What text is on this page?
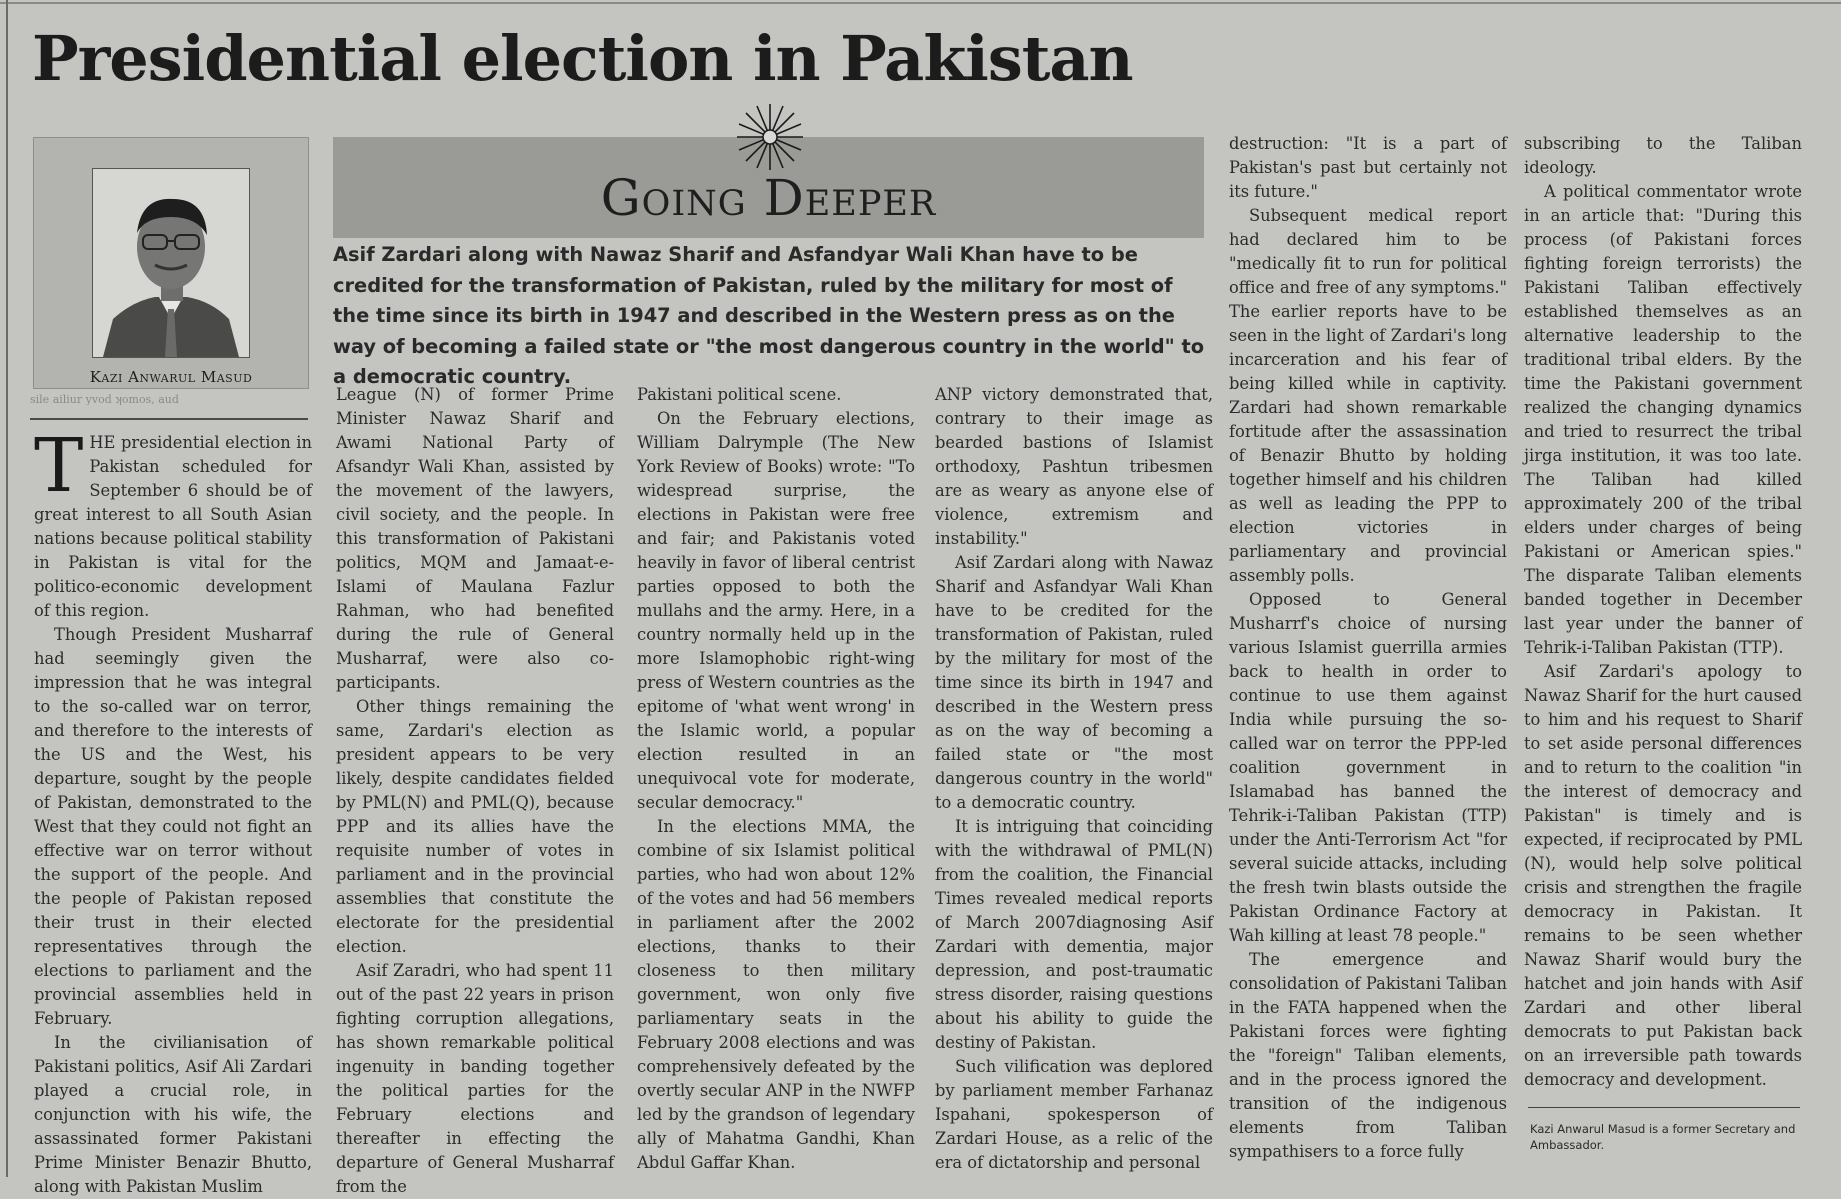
Presidential election in Pakistan
Kazi Anwarul Masud
sile ailiur yvod ʞomos, aud
Going Deeper
Asif Zardari along with Nawaz Sharif and Asfandyar Wali Khan have to be credited for the transformation of Pakistan, ruled by the military for most of the time since its birth in 1947 and described in the Western press as on the way of becoming a failed state or "the most dangerous country in the world" to a democratic country.

THE presidential election in Pakistan scheduled for September 6 should be of great interest to all South Asian nations because political stability in Pakistan is vital for the politico-economic development of this region.

Though President Musharraf had seemingly given the impression that he was integral to the so-called war on terror, and therefore to the interests of the US and the West, his departure, sought by the people of Pakistan, demonstrated to the West that they could not fight an effective war on terror without the support of the people. And the people of Pakistan reposed their trust in their elected representatives through the elections to parliament and the provincial assemblies held in February.

In the civilianisation of Pakistani politics, Asif Ali Zardari played a crucial role, in conjunction with his wife, the assassinated former Pakistani Prime Minister Benazir Bhutto, along with Pakistan Muslim

League (N) of former Prime Minister Nawaz Sharif and Awami National Party of Afsandyr Wali Khan, assisted by the movement of the lawyers, civil society, and the people. In this transformation of Pakistani politics, MQM and Jamaat-e-Islami of Maulana Fazlur Rahman, who had benefited during the rule of General Musharraf, were also co-participants.

Other things remaining the same, Zardari's election as president appears to be very likely, despite candidates fielded by PML(N) and PML(Q), because PPP and its allies have the requisite number of votes in parliament and in the provincial assemblies that constitute the electorate for the presidential election.

Asif Zaradri, who had spent 11 out of the past 22 years in prison fighting corruption allegations, has shown remarkable political ingenuity in banding together the political parties for the February elections and thereafter in effecting the departure of General Musharraf from the

Pakistani political scene.

On the February elections, William Dalrymple (The New York Review of Books) wrote: "To widespread surprise, the elections in Pakistan were free and fair; and Pakistanis voted heavily in favor of liberal centrist parties opposed to both the mullahs and the army. Here, in a country normally held up in the more Islamophobic right-wing press of Western countries as the epitome of 'what went wrong' in the Islamic world, a popular election resulted in an unequivocal vote for moderate, secular democracy."

In the elections MMA, the combine of six Islamist political parties, who had won about 12% of the votes and had 56 members in parliament after the 2002 elections, thanks to their closeness to then military government, won only five parliamentary seats in the February 2008 elections and was comprehensively defeated by the overtly secular ANP in the NWFP led by the grandson of legendary ally of Mahatma Gandhi, Khan Abdul Gaffar Khan.

ANP victory demonstrated that, contrary to their image as bearded bastions of Islamist orthodoxy, Pashtun tribesmen are as weary as anyone else of violence, extremism and instability."

Asif Zardari along with Nawaz Sharif and Asfandyar Wali Khan have to be credited for the transformation of Pakistan, ruled by the military for most of the time since its birth in 1947 and described in the Western press as on the way of becoming a failed state or "the most dangerous country in the world" to a democratic country.

It is intriguing that coinciding with the withdrawal of PML(N) from the coalition, the Financial Times revealed medical reports of March 2007diagnosing Asif Zardari with dementia, major depression, and post-traumatic stress disorder, raising questions about his ability to guide the destiny of Pakistan.

Such vilification was deplored by parliament member Farhanaz Ispahani, spokesperson of Zardari House, as a relic of the era of dictatorship and personal

destruction: "It is a part of Pakistan's past but certainly not its future."

Subsequent medical report had declared him to be "medically fit to run for political office and free of any symptoms." The earlier reports have to be seen in the light of Zardari's long incarceration and his fear of being killed while in captivity. Zardari had shown remarkable fortitude after the assassination of Benazir Bhutto by holding together himself and his children as well as leading the PPP to election victories in parliamentary and provincial assembly polls.

Opposed to General Musharrf's choice of nursing various Islamist guerrilla armies back to health in order to continue to use them against India while pursuing the so-called war on terror the PPP-led coalition government in Islamabad has banned the Tehrik-i-Taliban Pakistan (TTP) under the Anti-Terrorism Act "for several suicide attacks, including the fresh twin blasts outside the Pakistan Ordinance Factory at Wah killing at least 78 people."

The emergence and consolidation of Pakistani Taliban in the FATA happened when the Pakistani forces were fighting the "foreign" Taliban elements, and in the process ignored the transition of the indigenous elements from Taliban sympathisers to a force fully

subscribing to the Taliban ideology.

A political commentator wrote in an article that: "During this process (of Pakistani forces fighting foreign terrorists) the Pakistani Taliban effectively established themselves as an alternative leadership to the traditional tribal elders. By the time the Pakistani government realized the changing dynamics and tried to resurrect the tribal jirga institution, it was too late. The Taliban had killed approximately 200 of the tribal elders under charges of being Pakistani or American spies." The disparate Taliban elements banded together in December last year under the banner of Tehrik-i-Taliban Pakistan (TTP).

Asif Zardari's apology to Nawaz Sharif for the hurt caused to him and his request to Sharif to set aside personal differences and to return to the coalition "in the interest of democracy and Pakistan" is timely and is expected, if reciprocated by PML (N), would help solve political crisis and strengthen the fragile democracy in Pakistan. It remains to be seen whether Nawaz Sharif would bury the hatchet and join hands with Asif Zardari and other liberal democrats to put Pakistan back on an irreversible path towards democracy and development.

Kazi Anwarul Masud is a former Secretary and Ambassador.
